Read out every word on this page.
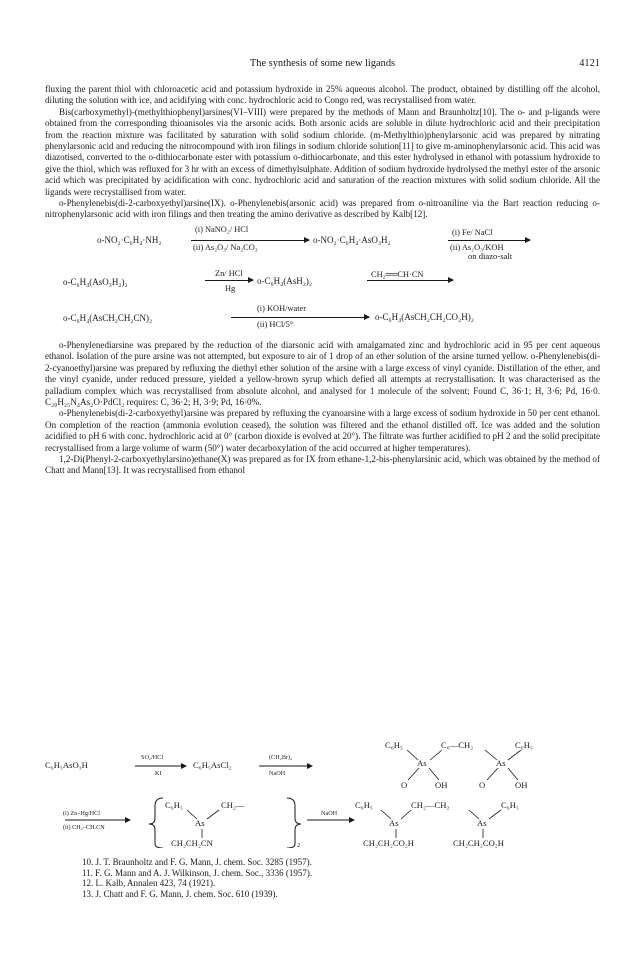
The synthesis of some new ligands	4121

fluxing the parent thiol with chloroacetic acid and potassium hydroxide in 25% aqueous alcohol. The product, obtained by distilling off the alcohol, diluting the solution with ice, and acidifying with conc. hydrochloric acid to Congo red, was recrystallised from water.

Bis(carboxymethyl)-(methylthiophenyl)arsines(VI–VIII) were prepared by the methods of Mann and Braunholtz[10]. The o- and p-ligands were obtained from the corresponding thioanisoles via the arsonic acids. Both arsonic acids are soluble in dilute hydrochloric acid and their precipitation from the reaction mixture was facilitated by saturation with solid sodium chloride. (m-Methylthio)phenylarsonic acid was prepared by nitrating phenylarsonic acid and reducing the nitrocompound with iron filings in sodium chloride solution[11] to give m-aminophenylarsonic acid. This acid was diazotised, converted to the o-dithiocarbonate ester with potassium o-dithiocarbonate, and this ester hydrolysed in ethanol with potassium hydroxide to give the thiol, which was refluxed for 3 hr with an excess of dimethylsulphate. Addition of sodium hydroxide hydrolysed the methyl ester of the arsonic acid which was precipitated by acidification with conc. hydrochloric acid and saturation of the reaction mixtures with solid sodium chloride. All the ligands were recrystallised from water.

o-Phenylenebis(di-2-carboxyethyl)arsine(IX). o-Phenylenebis(arsonic acid) was prepared from o-nitroaniline via the Bart reaction reducing o-nitrophenylarsonic acid with iron filings and then treating the amino derivative as described by Kalb[12].

o-NO₂·C₆H₄·NH₂
(i) NaNO₂/ HCl
(ii) As₂O₃/ Na₂CO₃
o-NO₂·C₆H₄·AsO₃H₂
(i) Fe/ NaCl
(ii) As₂O₃/KOH
on diazo-salt
o-C₆H₄(AsO₃H₂)₂
Zn/ HCl
Hg
o-C₆H₄(AsH₂)₂
CH₂══CH·CN
o-C₆H₄(AsCH₂CH₂CN)₂
(i) KOH/water
(ii) HCl/5°
o-C₆H₄(AsCH₂CH₂CO₂H)₂

o-Phenylenediarsine was prepared by the reduction of the diarsonic acid with amalgamated zinc and hydrochloric acid in 95 per cent aqueous ethanol. Isolation of the pure arsine was not attempted, but exposure to air of 1 drop of an ether solution of the arsine turned yellow. o-Phenylenebis(di-2-cyanoethyl)arsine was prepared by refluxing the diethyl ether solution of the arsine with a large excess of vinyl cyanide. Distillation of the ether, and the vinyl cyanide, under reduced pressure, yielded a yellow-brown syrup which defied all attempts at recrystallisation. It was characterised as the palladium complex which was recrystallised from absolute alcohol, and analysed for 1 molecule of the solvent; Found C, 36·1; H, 3·6; Pd, 16·0. C₂₀H₂₅N₄As₂O·PdCl₂ requires: C, 36·2; H, 3·9; Pd, 16·0%.

o-Phenylenebis(di-2-carboxyethyl)arsine was prepared by refluxing the cyanoarsine with a large excess of sodium hydroxide in 50 per cent ethanol. On completion of the reaction (ammonia evolution ceased), the solution was filtered and the ethanol distilled off. Ice was added and the solution acidified to pH 6 with conc. hydrochloric acid at 0° (carbon dioxide is evolved at 20°). The filtrate was further acidified to pH 2 and the solid precipitate recrystallised from a large volume of warm (50°) water decarboxylation of the acid occurred at higher temperatures).

1,2-Di(Phenyl-2-carboxyethylarsino)ethane(X) was prepared as for IX from ethane-1,2-bis-phenylarsinic acid, which was obtained by the method of Chatt and Mann[13]. It was recrystallised from ethanol

C₆H₅AsO₃H
SO₂/HCl
KI
C₆H₅AsCl₂
(CH₂Br)₂
NaOH
C₆H₅	C₆—CH₂	C₆H₅
As	As
O	OH	O	OH
(i) Zn–Hg/HCl
(ii) CH₂–CH.CN
C₆H₅	CH₂—
As
CH₂CH₂CN	2
NaOH
C₆H₅	CH₂—CH₂	C₆H₅
As	As
CH₂CH₂CO₂H	CH₂CH₂CO₂H
10. J. T. Braunholtz and F. G. Mann, J. chem. Soc. 3285 (1957).
11. F. G. Mann and A. J. Wilkinson, J. chem. Soc., 3336 (1957).
12. L. Kalb, Annalen 423, 74 (1921).
13. J. Chatt and F. G. Mann, J. chem. Soc. 610 (1939).
